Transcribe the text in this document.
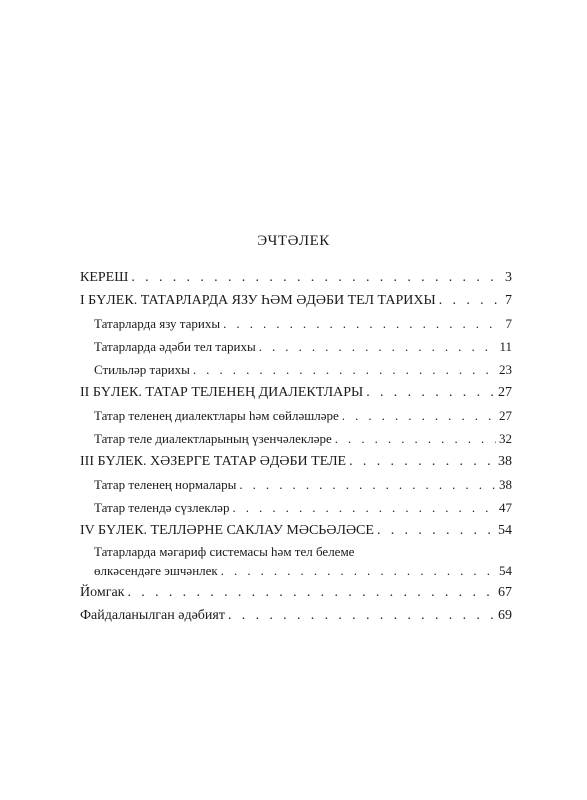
ЭЧТӘЛЕК
КЕРЕШ . . .	3
I БҮЛЕК. ТАТАРЛАРДА ЯЗУ ҺӘМ ӘДӘБИ ТЕЛ ТАРИХЫ . . .	7
Татарларда язу тарихы . . .	7
Татарларда әдәби тел тарихы . . .	11
Стильләр тарихы . . .	23
II БҮЛЕК. ТАТАР ТЕЛЕНЕҢ ДИАЛЕКТЛАРЫ . . .	27
Татар теленең диалектлары һәм сөйләшләре . . .	27
Татар теле диалектларының үзенчәлекләре . . .	32
III БҮЛЕК. ХӘЗЕРГЕ ТАТАР ӘДӘБИ ТЕЛЕ . . .	38
Татар теленең нормалары . . .	38
Татар телендә сүзлекләр . . .	47
IV БҮЛЕК. ТЕЛЛӘРНЕ САКЛАУ МӘСЬӘЛӘСЕ . . .	54
Татарларда мәгариф системасы һәм тел белеме
өлкәсендәге эшчәнлек . . .	54
Йомгак . . .	67
Файдаланылган әдәбият . . .	69
